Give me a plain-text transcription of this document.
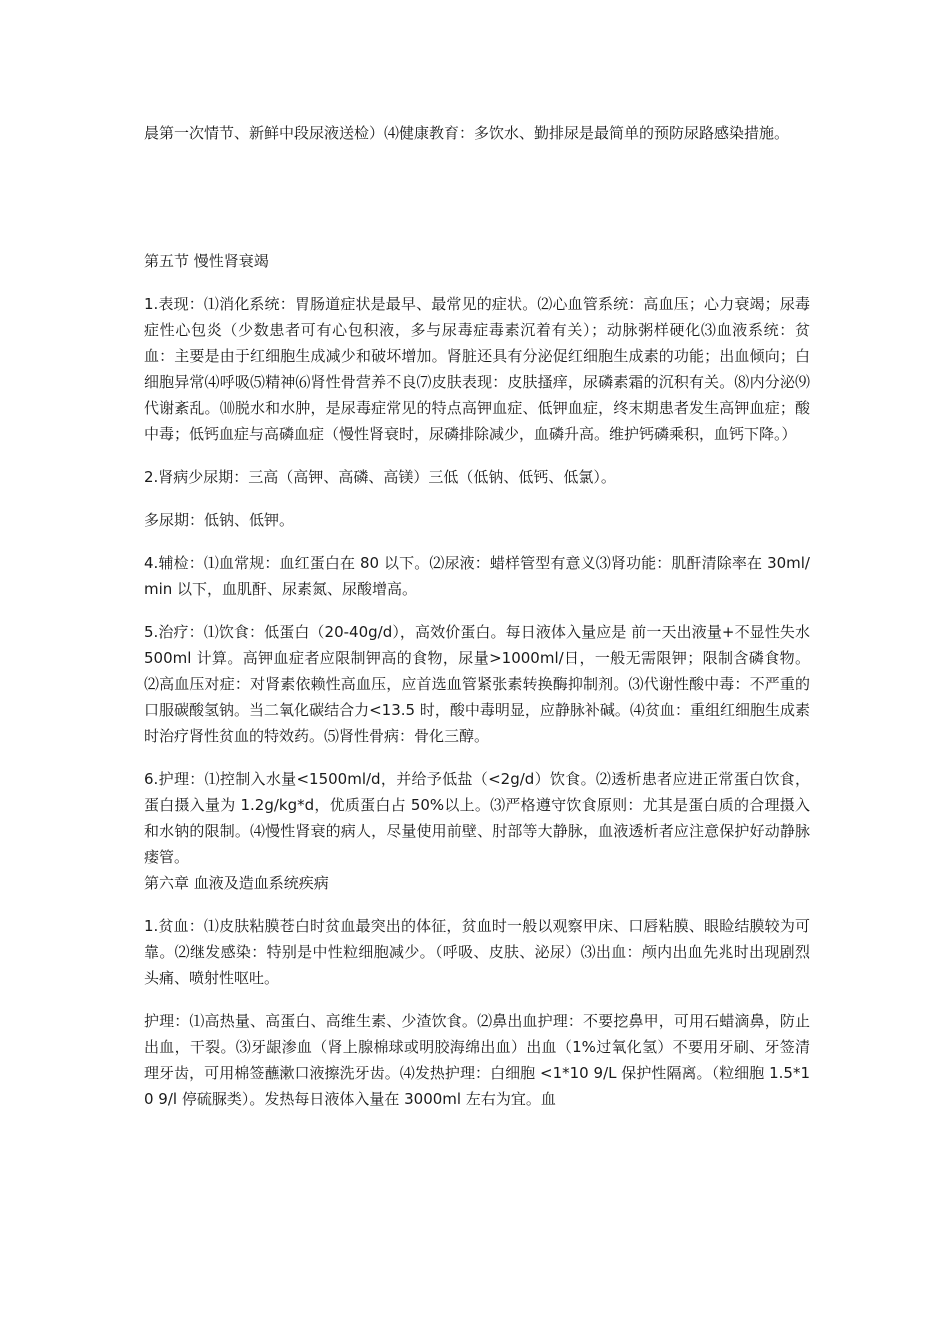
晨第一次情节、新鲜中段尿液送检）⑷健康教育：多饮水、勤排尿是最简单的预防尿路感染措施。

第五节 慢性肾衰竭

1.表现：⑴消化系统：胃肠道症状是最早、最常见的症状。⑵心血管系统：高血压；心力衰竭；尿毒症性心包炎（少数患者可有心包积液，多与尿毒症毒素沉着有关）；动脉粥样硬化⑶血液系统：贫血：主要是由于红细胞生成减少和破坏增加。肾脏还具有分泌促红细胞生成素的功能；出血倾向；白细胞异常⑷呼吸⑸精神⑹肾性骨营养不良⑺皮肤表现：皮肤搔痒，尿磷素霜的沉积有关。⑻内分泌⑼代谢紊乱。⑽脱水和水肿，是尿毒症常见的特点高钾血症、低钾血症，终末期患者发生高钾血症；酸中毒；低钙血症与高磷血症（慢性肾衰时，尿磷排除减少，血磷升高。维护钙磷乘积，血钙下降。）

2.肾病少尿期：三高（高钾、高磷、高镁）三低（低钠、低钙、低氯）。

多尿期：低钠、低钾。

4.辅检：⑴血常规：血红蛋白在 80 以下。⑵尿液：蜡样管型有意义⑶肾功能：肌酐清除率在 30ml/min 以下，血肌酐、尿素氮、尿酸增高。

5.治疗：⑴饮食：低蛋白（20-40g/d），高效价蛋白。每日液体入量应是 前一天出液量+不显性失水 500ml 计算。高钾血症者应限制钾高的食物，尿量>1000ml/日，一般无需限钾；限制含磷食物。⑵高血压对症：对肾素依赖性高血压，应首选血管紧张素转换酶抑制剂。⑶代谢性酸中毒：不严重的口服碳酸氢钠。当二氧化碳结合力<13.5 时，酸中毒明显，应静脉补碱。⑷贫血：重组红细胞生成素时治疗肾性贫血的特效药。⑸肾性骨病：骨化三醇。

6.护理：⑴控制入水量<1500ml/d，并给予低盐（<2g/d）饮食。⑵透析患者应进正常蛋白饮食，蛋白摄入量为 1.2g/kg*d，优质蛋白占 50%以上。⑶严格遵守饮食原则：尤其是蛋白质的合理摄入和水钠的限制。⑷慢性肾衰的病人，尽量使用前壁、肘部等大静脉，血液透析者应注意保护好动静脉瘘管。

第六章 血液及造血系统疾病

1.贫血：⑴皮肤粘膜苍白时贫血最突出的体征，贫血时一般以观察甲床、口唇粘膜、眼睑结膜较为可靠。⑵继发感染：特别是中性粒细胞减少。（呼吸、皮肤、泌尿）⑶出血：颅内出血先兆时出现剧烈头痛、喷射性呕吐。

护理：⑴高热量、高蛋白、高维生素、少渣饮食。⑵鼻出血护理：不要挖鼻甲，可用石蜡滴鼻，防止出血，干裂。⑶牙龈渗血（肾上腺棉球或明胶海绵出血）出血（1%过氧化氢）不要用牙刷、牙签清理牙齿，可用棉签蘸漱口液擦洗牙齿。⑷发热护理：白细胞 <1*10 9/L 保护性隔离。（粒细胞 1.5*10 9/l 停硫脲类）。发热每日液体入量在 3000ml 左右为宜。血
